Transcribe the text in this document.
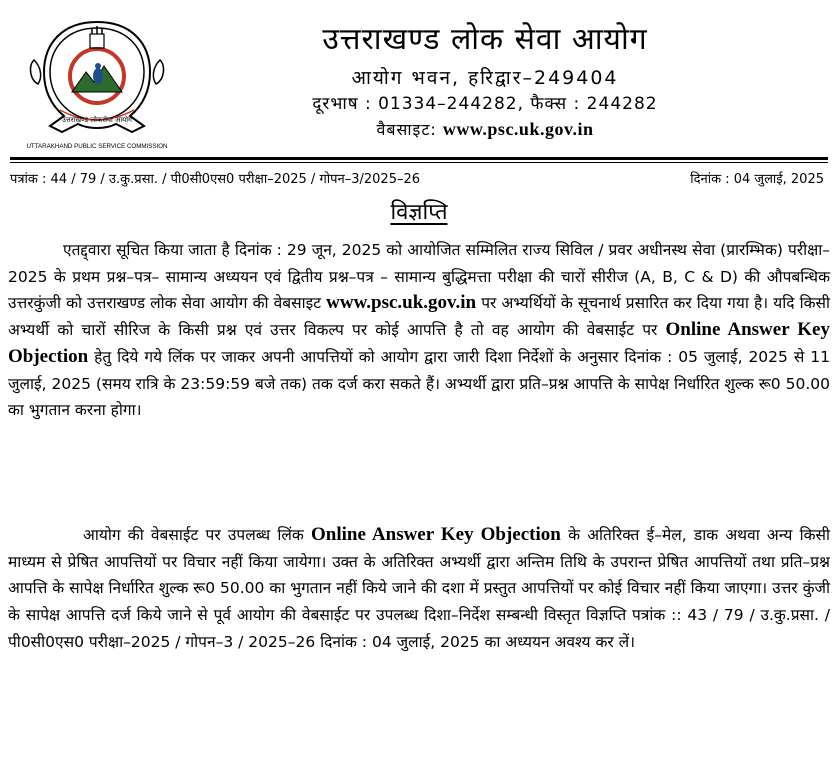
उत्तराखण्ड लोकसेवा आयोग
UTTARAKHAND PUBLIC SERVICE COMMISSION
उत्तराखण्ड लोक सेवा आयोग
आयोग भवन, हरिद्वार–249404
दूरभाष : 01334–244282, फैक्स : 244282
वैबसाइट: www.psc.uk.gov.in
पत्रांक : 44 / 79 / उ.कु.प्रसा. / पी0सी0एस0 परीक्षा–2025 / गोपन–3/2025–26	दिनांक : 04 जुलाई, 2025
विज्ञप्ति

एतद्द्वारा सूचित किया जाता है दिनांक : 29 जून, 2025 को आयोजित सम्मिलित राज्य सिविल / प्रवर अधीनस्थ सेवा (प्रारम्भिक) परीक्षा–2025 के प्रथम प्रश्न–पत्र– सामान्य अध्ययन एवं द्वितीय प्रश्न–पत्र – सामान्य बुद्धिमत्ता परीक्षा की चारों सीरीज (A, B, C & D) की औपबन्धिक उत्तरकुंजी को उत्तराखण्ड लोक सेवा आयोग की वेबसाइट www.psc.uk.gov.in पर अभ्यर्थियों के सूचनार्थ प्रसारित कर दिया गया है। यदि किसी अभ्यर्थी को चारों सीरिज के किसी प्रश्न एवं उत्तर विकल्प पर कोई आपत्ति है तो वह आयोग की वेबसाईट पर Online Answer Key Objection हेतु दिये गये लिंक पर जाकर अपनी आपत्तियों को आयोग द्वारा जारी दिशा निर्देशों के अनुसार दिनांक : 05 जुलाई, 2025 से 11 जुलाई, 2025 (समय रात्रि के 23:59:59 बजे तक) तक दर्ज करा सकते हैं। अभ्यर्थी द्वारा प्रति–प्रश्न आपत्ति के सापेक्ष निर्धारित शुल्क रू0 50.00 का भुगतान करना होगा।

आयोग की वेबसाईट पर उपलब्ध लिंक Online Answer Key Objection के अतिरिक्त ई–मेल, डाक अथवा अन्य किसी माध्यम से प्रेषित आपत्तियों पर विचार नहीं किया जायेगा। उक्त के अतिरिक्त अभ्यर्थी द्वारा अन्तिम तिथि के उपरान्त प्रेषित आपत्तियों तथा प्रति–प्रश्न आपत्ति के सापेक्ष निर्धारित शुल्क रू0 50.00 का भुगतान नहीं किये जाने की दशा में प्रस्तुत आपत्तियों पर कोई विचार नहीं किया जाएगा। उत्तर कुंजी के सापेक्ष आपत्ति दर्ज किये जाने से पूर्व आयोग की वेबसाईट पर उपलब्ध दिशा–निर्देश सम्बन्धी विस्तृत विज्ञप्ति पत्रांक :: 43 / 79 / उ.कु.प्रसा. / पी0सी0एस0 परीक्षा–2025 / गोपन–3 / 2025–26 दिनांक : 04 जुलाई, 2025 का अध्ययन अवश्य कर लें।
